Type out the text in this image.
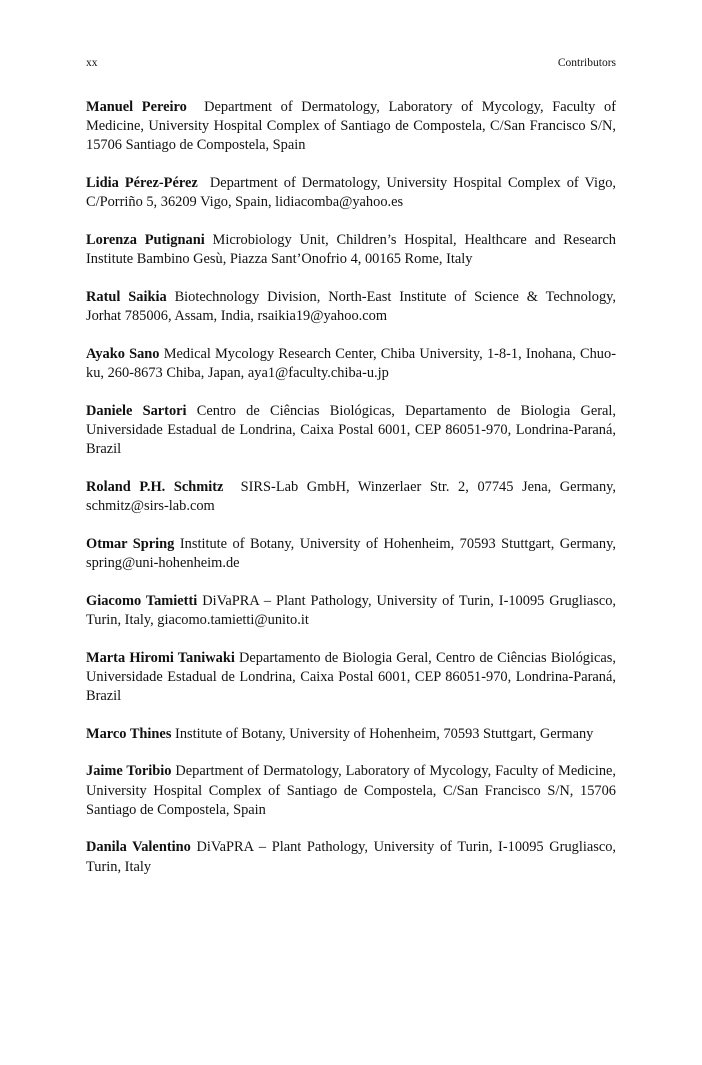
xx	Contributors

Manuel Pereiro Department of Dermatology, Laboratory of Mycology, Faculty of Medicine, University Hospital Complex of Santiago de Compostela, C/San Francisco S/N, 15706 Santiago de Compostela, Spain

Lidia Pérez-Pérez Department of Dermatology, University Hospital Complex of Vigo, C/Porriño 5, 36209 Vigo, Spain, lidiacomba@yahoo.es

Lorenza Putignani Microbiology Unit, Children’s Hospital, Healthcare and Research Institute Bambino Gesù, Piazza Sant’Onofrio 4, 00165 Rome, Italy

Ratul Saikia Biotechnology Division, North-East Institute of Science & Technology, Jorhat 785006, Assam, India, rsaikia19@yahoo.com

Ayako Sano Medical Mycology Research Center, Chiba University, 1-8-1, Inohana, Chuo-ku, 260-8673 Chiba, Japan, aya1@faculty.chiba-u.jp

Daniele Sartori Centro de Ciências Biológicas, Departamento de Biologia Geral, Universidade Estadual de Londrina, Caixa Postal 6001, CEP 86051-970, Londrina-Paraná, Brazil

Roland P.H. Schmitz SIRS-Lab GmbH, Winzerlaer Str. 2, 07745 Jena, Germany, schmitz@sirs-lab.com

Otmar Spring Institute of Botany, University of Hohenheim, 70593 Stuttgart, Germany, spring@uni-hohenheim.de

Giacomo Tamietti DiVaPRA – Plant Pathology, University of Turin, I-10095 Grugliasco, Turin, Italy, giacomo.tamietti@unito.it

Marta Hiromi Taniwaki Departamento de Biologia Geral, Centro de Ciências Biológicas, Universidade Estadual de Londrina, Caixa Postal 6001, CEP 86051-970, Londrina-Paraná, Brazil

Marco Thines Institute of Botany, University of Hohenheim, 70593 Stuttgart, Germany

Jaime Toribio Department of Dermatology, Laboratory of Mycology, Faculty of Medicine, University Hospital Complex of Santiago de Compostela, C/San Francisco S/N, 15706 Santiago de Compostela, Spain

Danila Valentino DiVaPRA – Plant Pathology, University of Turin, I-10095 Grugliasco, Turin, Italy
